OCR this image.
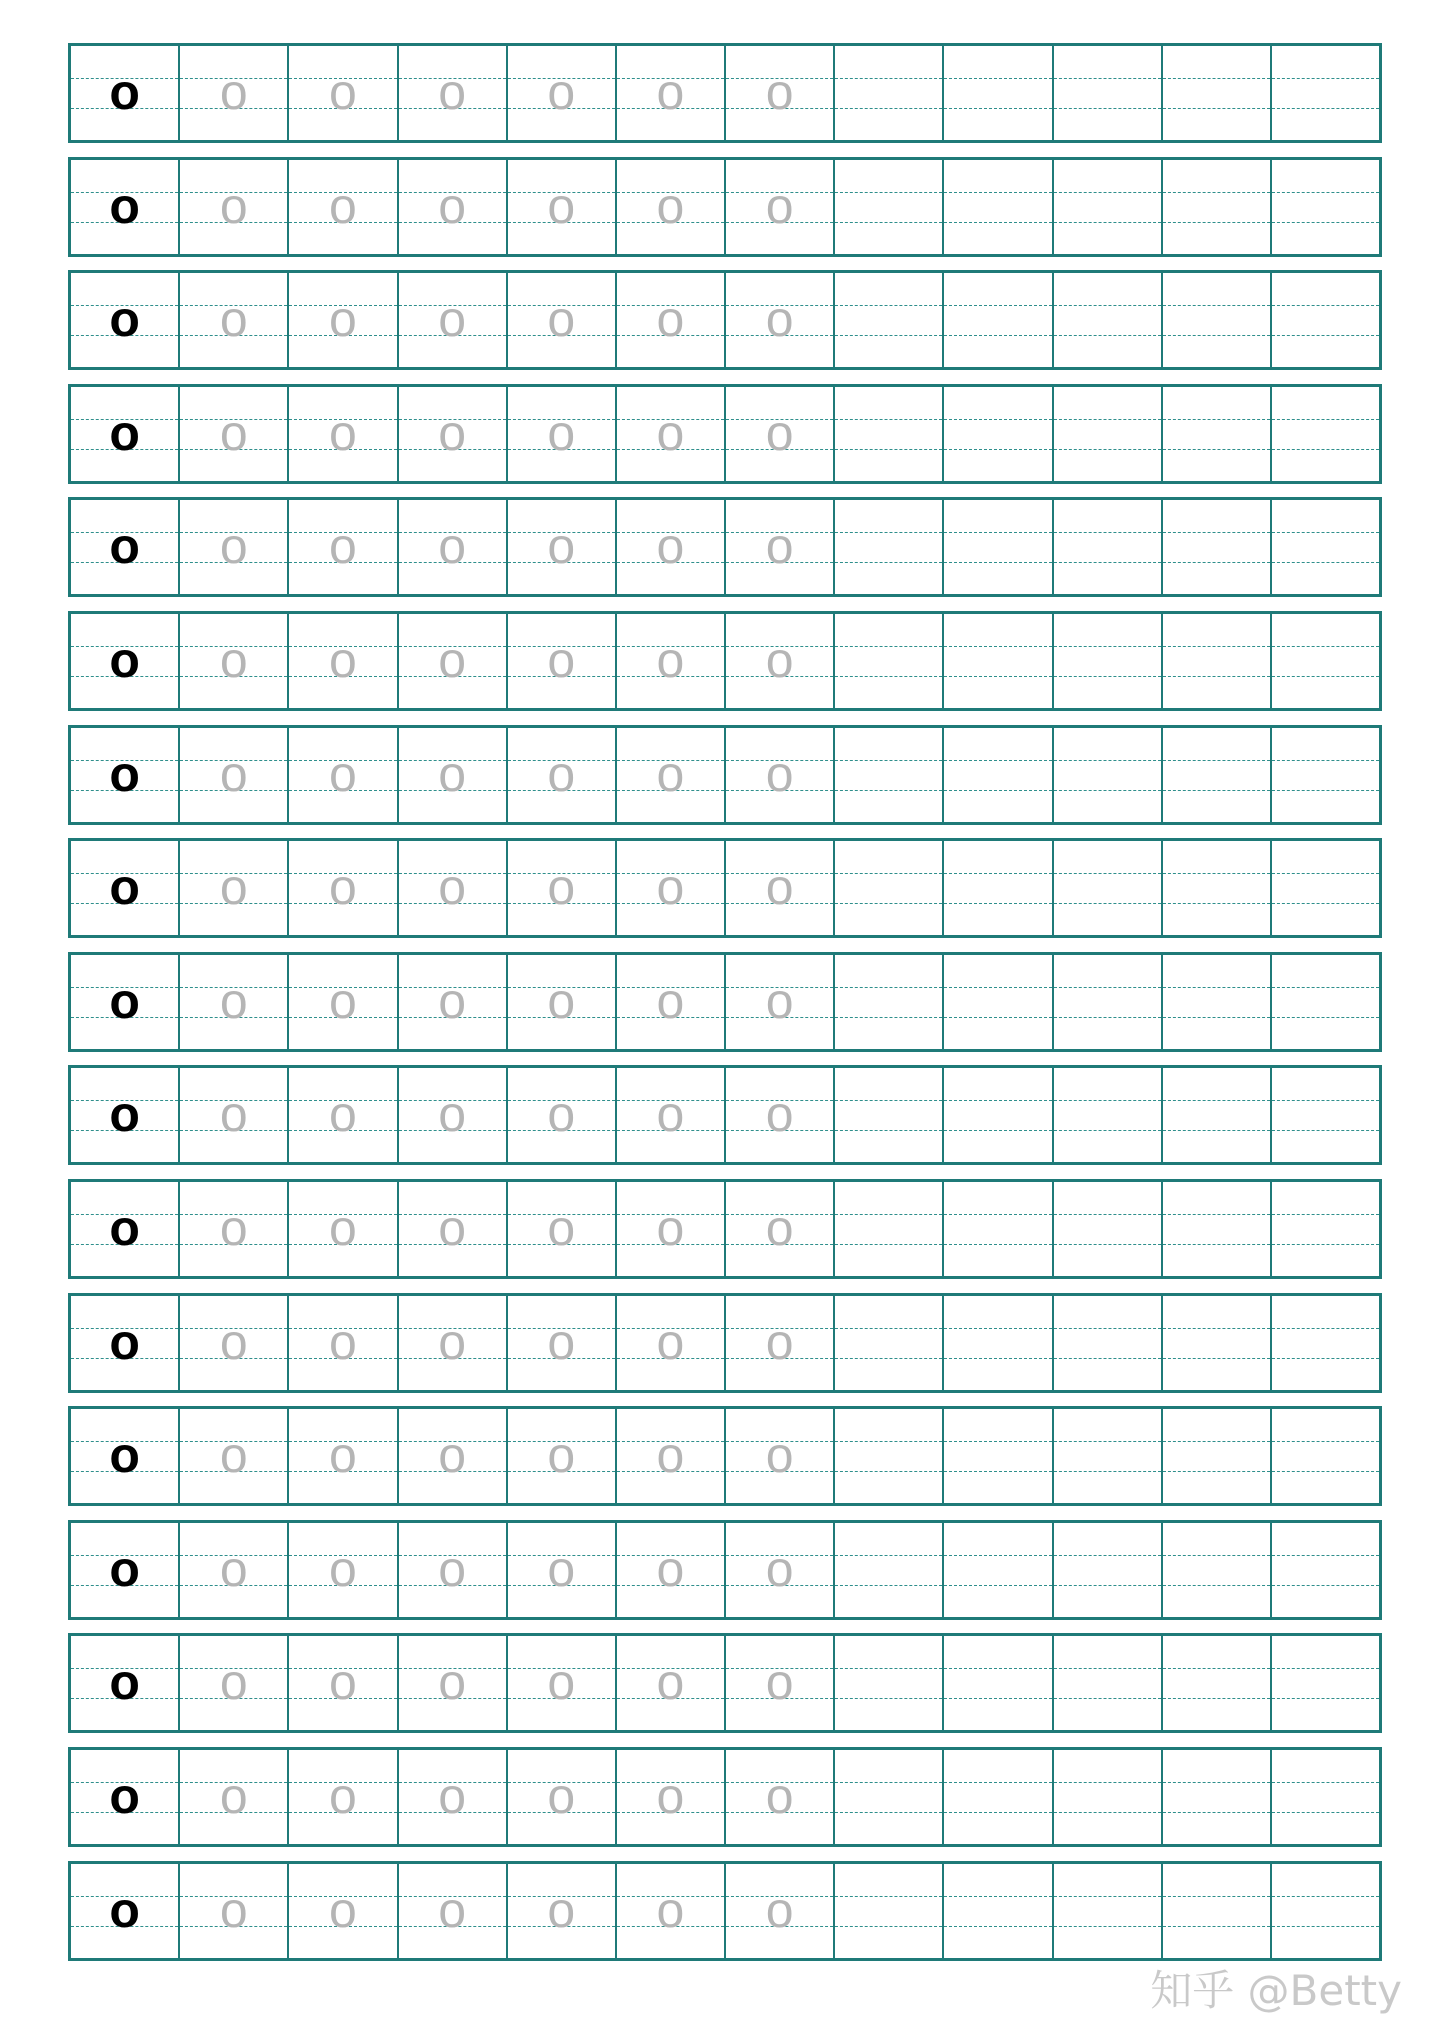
o	o	o	o	o	o	o
o	o	o	o	o	o	o
o	o	o	o	o	o	o
o	o	o	o	o	o	o
o	o	o	o	o	o	o
o	o	o	o	o	o	o
o	o	o	o	o	o	o
o	o	o	o	o	o	o
o	o	o	o	o	o	o
o	o	o	o	o	o	o
o	o	o	o	o	o	o
o	o	o	o	o	o	o
o	o	o	o	o	o	o
o	o	o	o	o	o	o
o	o	o	o	o	o	o
o	o	o	o	o	o	o
o	o	o	o	o	o	o
知乎 @Betty
